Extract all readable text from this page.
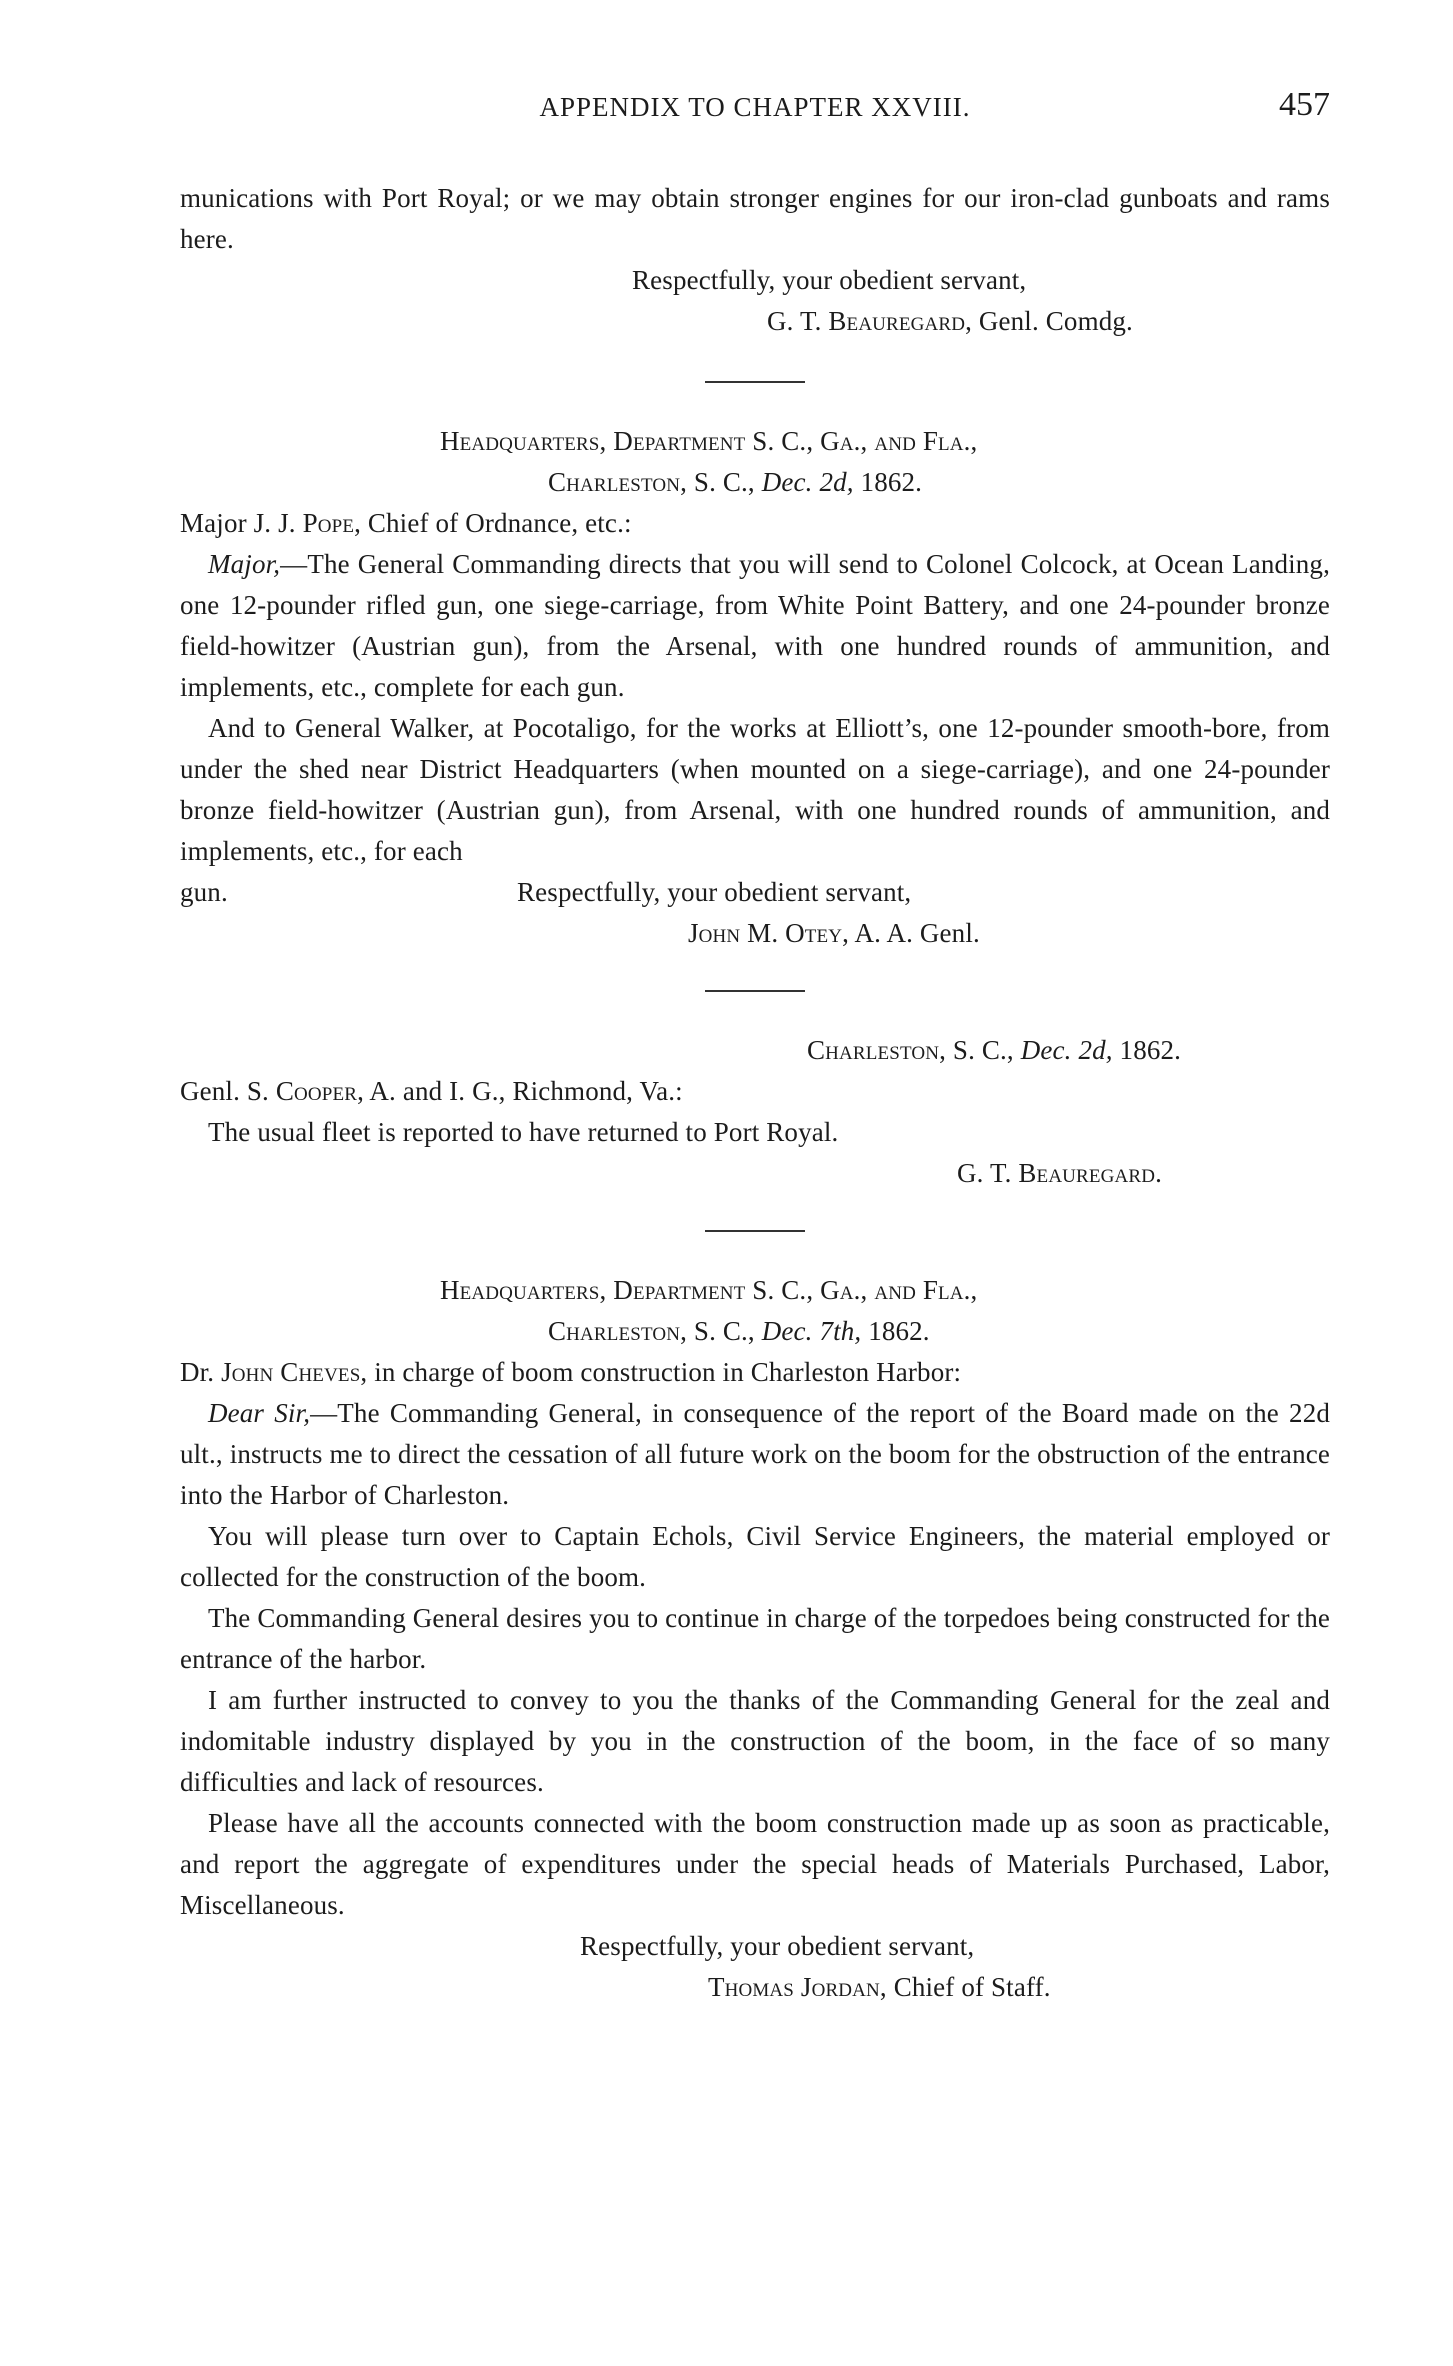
APPENDIX TO CHAPTER XXVIII.	457

munications with Port Royal; or we may obtain stronger engines for our iron-clad gunboats and rams here.

Respectfully, your obedient servant,

G. T. Beauregard, Genl. Comdg.

Headquarters, Department S. C., Ga., and Fla.,

Charleston, S. C., Dec. 2d, 1862.

Major J. J. Pope, Chief of Ordnance, etc.:

Major,—The General Commanding directs that you will send to Colonel Colcock, at Ocean Landing, one 12-pounder rifled gun, one siege-carriage, from White Point Battery, and one 24-pounder bronze field-howitzer (Austrian gun), from the Arsenal, with one hundred rounds of ammunition, and implements, etc., complete for each gun.

And to General Walker, at Pocotaligo, for the works at Elliott’s, one 12-pounder smooth-bore, from under the shed near District Headquarters (when mounted on a siege-carriage), and one 24-pounder bronze field-howitzer (Austrian gun), from Arsenal, with one hundred rounds of ammunition, and implements, etc., for each

gun.	Respectfully, your obedient servant,

John M. Otey, A. A. Genl.

Charleston, S. C., Dec. 2d, 1862.

Genl. S. Cooper, A. and I. G., Richmond, Va.:

The usual fleet is reported to have returned to Port Royal.

G. T. Beauregard.

Headquarters, Department S. C., Ga., and Fla.,

Charleston, S. C., Dec. 7th, 1862.

Dr. John Cheves, in charge of boom construction in Charleston Harbor:

Dear Sir,—The Commanding General, in consequence of the report of the Board made on the 22d ult., instructs me to direct the cessation of all future work on the boom for the obstruction of the entrance into the Harbor of Charleston.

You will please turn over to Captain Echols, Civil Service Engineers, the material employed or collected for the construction of the boom.

The Commanding General desires you to continue in charge of the torpedoes being constructed for the entrance of the harbor.

I am further instructed to convey to you the thanks of the Commanding General for the zeal and indomitable industry displayed by you in the construction of the boom, in the face of so many difficulties and lack of resources.

Please have all the accounts connected with the boom construction made up as soon as practicable, and report the aggregate of expenditures under the special heads of Materials Purchased, Labor, Miscellaneous.

Respectfully, your obedient servant,

Thomas Jordan, Chief of Staff.
